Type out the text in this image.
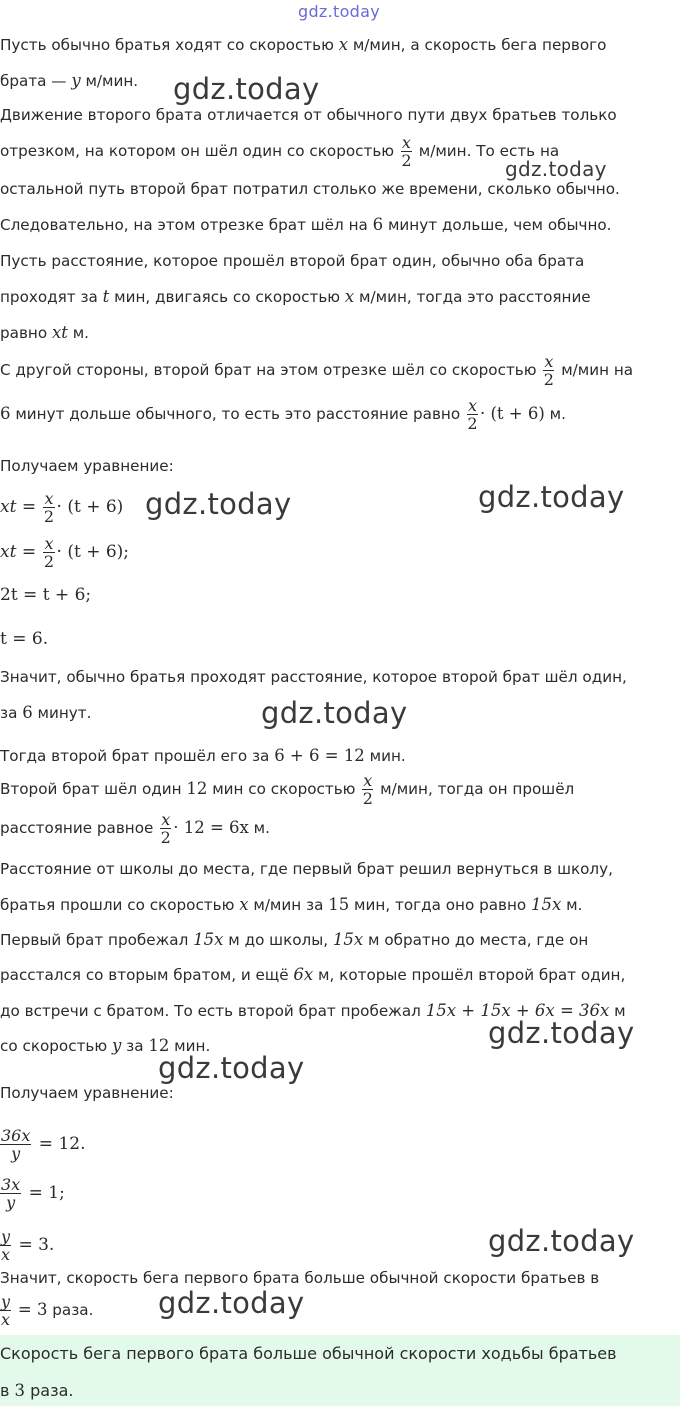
gdz.today

Пусть обычно братья ходят со скоростью x м/мин, а скорость бега первого

брата — y м/мин.	gdz.today

Движение второго брата отличается от обычного пути двух братьев только

отрезком, на котором он шёл один со скоростью $\frac{x}{2} м/мин$. То есть на

gdz.today

остальной путь второй брат потратил столько же времени, сколько обычно.

Следовательно, на этом отрезке брат шёл на 6 минут дольше, чем обычно.

Пусть расстояние, которое прошёл второй брат один, обычно оба брата

проходят за t мин, двигаясь со скоростью x м/мин, тогда это расстояние

равно xt м.

С другой стороны, второй брат на этом отрезке шёл со скоростью $\frac{x}{2} м/мин$ на

6 минут дольше обычного, то есть это расстояние равно $\frac{x}{2} \cdot (t + 6)$ м.

Получаем уравнение:

xt = $\frac{x}{2} \cdot (t + 6)$ gdz.today	gdz.today
xt = $\frac{x}{2} \cdot (t + 6)$;
2t = t + 6;
t = 6.

Значит, обычно братья проходят расстояние, которое второй брат шёл один,

за 6 минут.	gdz.today

Тогда второй брат прошёл его за 6 + 6 = 12 мин.

Второй брат шёл один 12 мин со скоростью $\frac{x}{2} м/мин$, тогда он прошёл

расстояние равное $\frac{x}{2} \cdot 12 = 6x$ м.

Расстояние от школы до места, где первый брат решил вернуться в школу,

братья прошли со скоростью x м/мин за 15 мин, тогда оно равно 15x м.

Первый брат пробежал 15x м до школы, 15x м обратно до места, где он

расстался со вторым братом, и ещё 6x м, которые прошёл второй брат один,

до встречи с братом. То есть второй брат пробежал 15x + 15x + 6x = 36x м

gdz.today

со скоростью y за 12 мин.

gdz.today

Получаем уравнение:

$\frac{36x}{y} = 12$.
$\frac{3x}{y} = 1$;
$\frac{y}{x} = 3$.	gdz.today

Значит, скорость бега первого брата больше обычной скорости братьев в

$\frac{y}{x} = 3$ раза.	gdz.today
Скорость бега первого брата больше обычной скорости ходьбы братьев
в 3 раза.
